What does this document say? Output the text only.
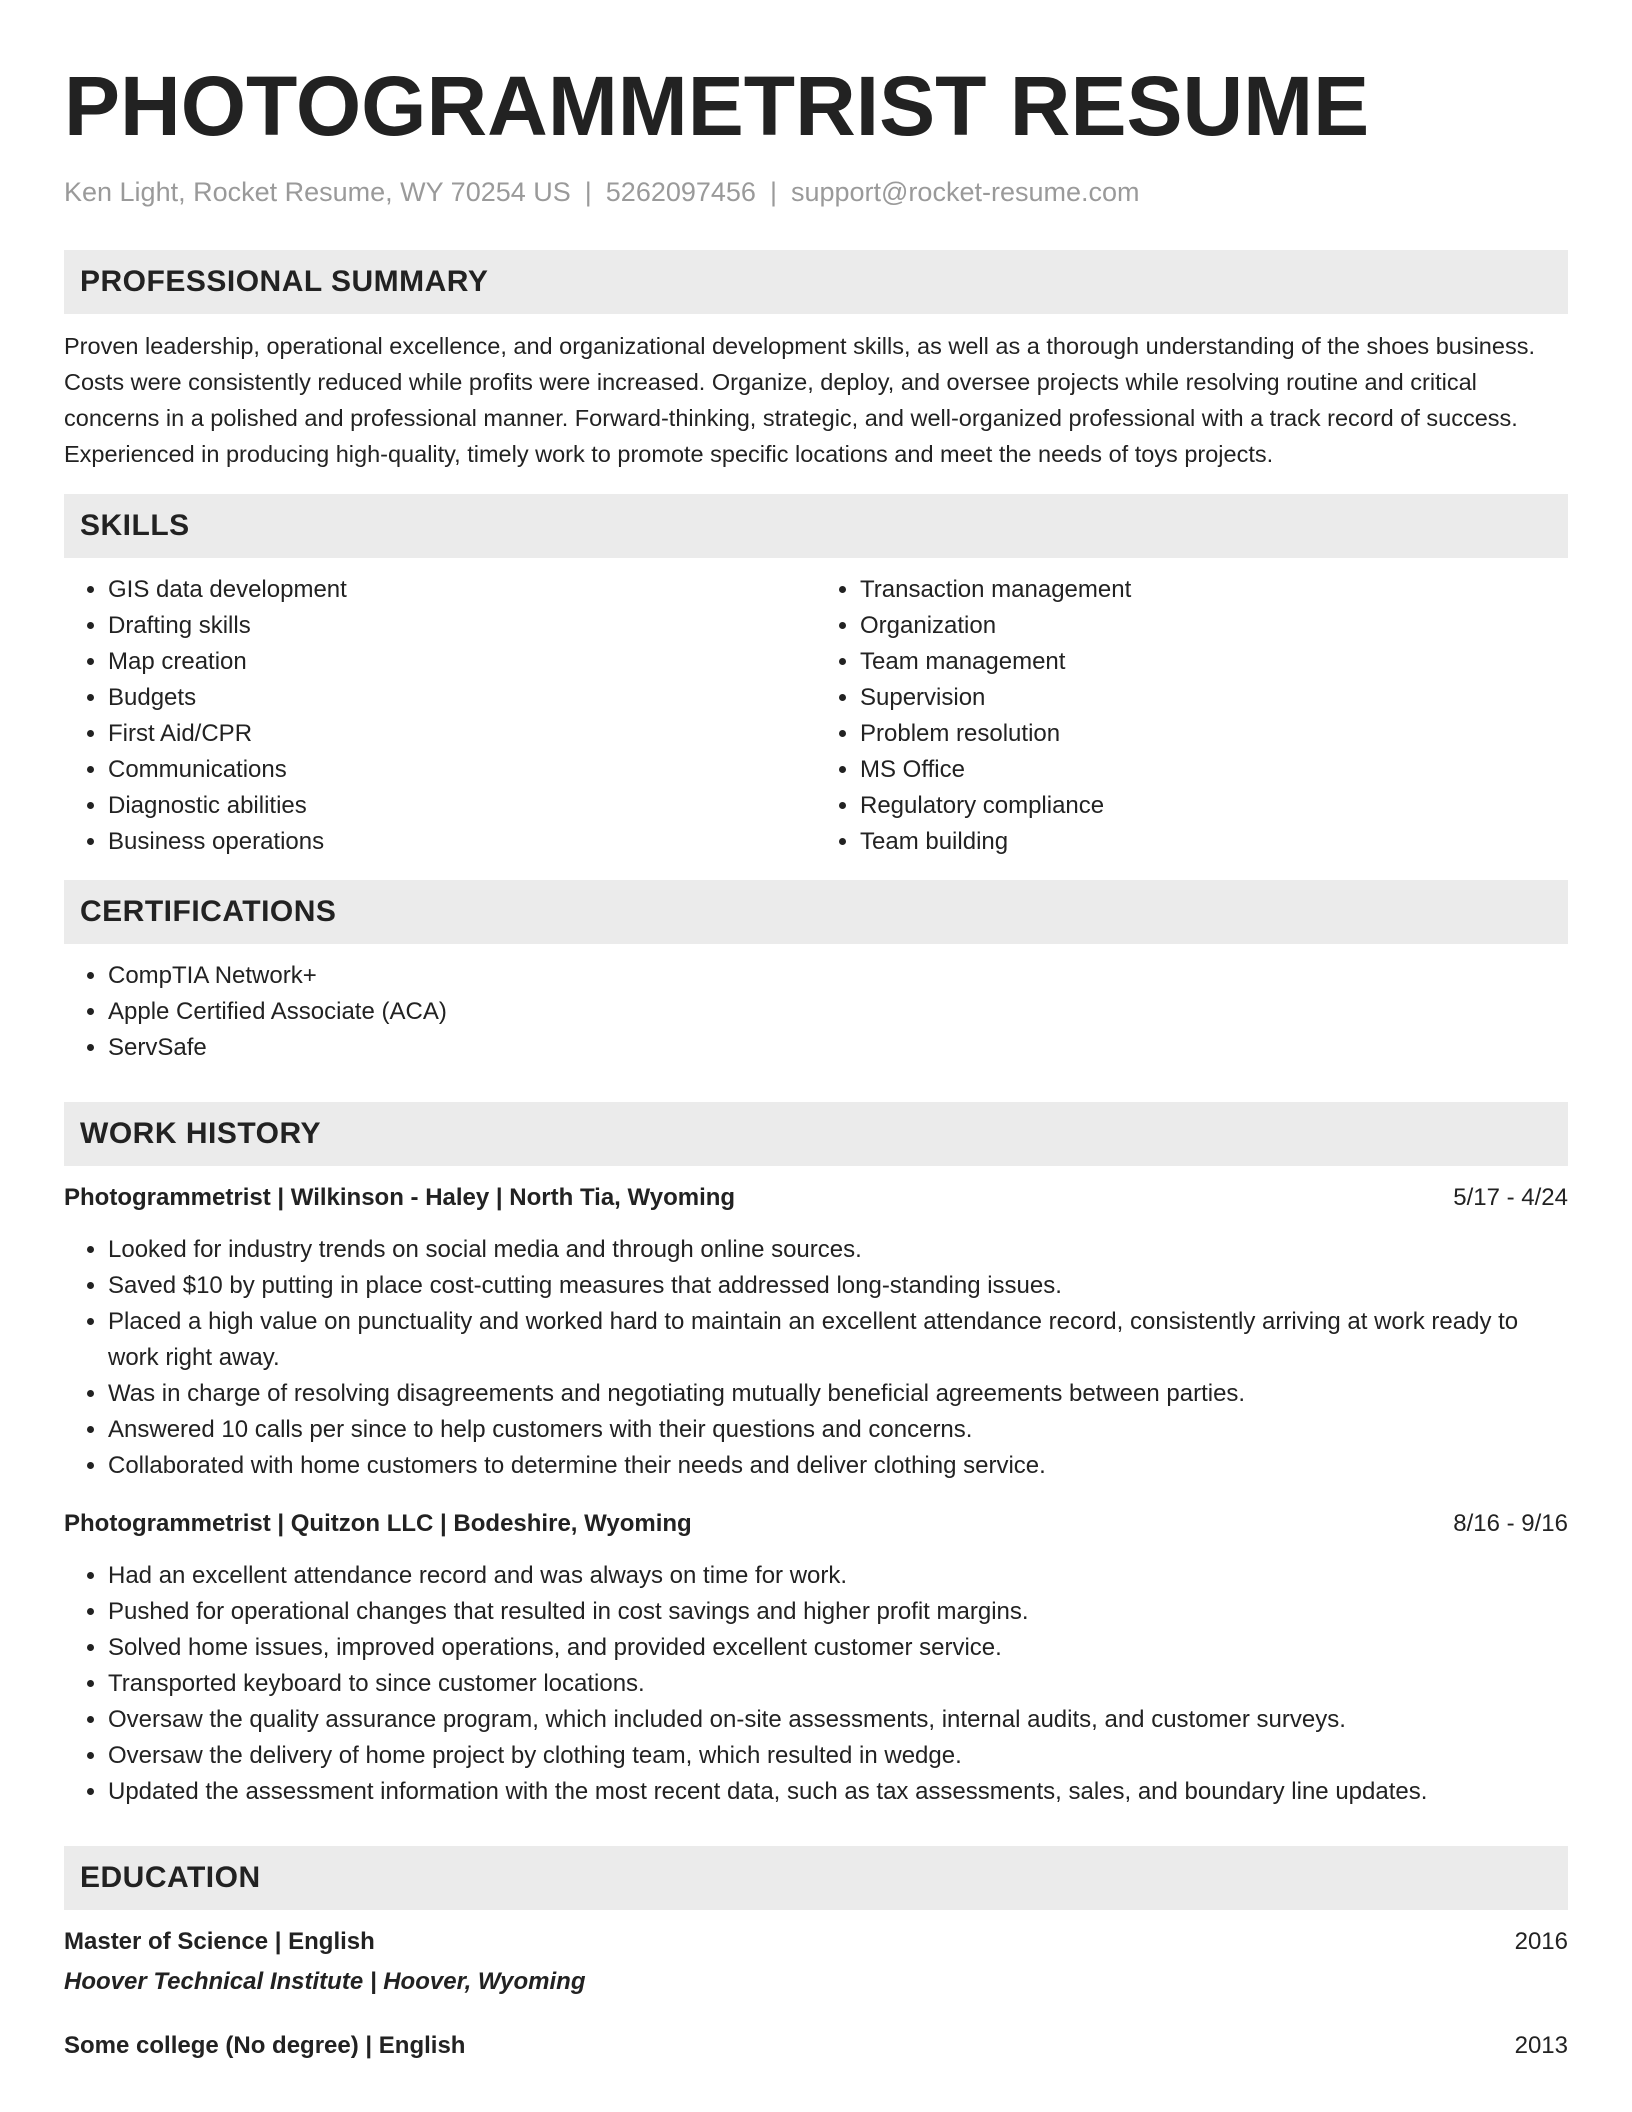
PHOTOGRAMMETRIST RESUME
Ken Light, Rocket Resume, WY 70254 US | 5262097456 | support@rocket-resume.com
PROFESSIONAL SUMMARY

Proven leadership, operational excellence, and organizational development skills, as well as a thorough understanding of the shoes business. Costs were consistently reduced while profits were increased. Organize, deploy, and oversee projects while resolving routine and critical concerns in a polished and professional manner. Forward-thinking, strategic, and well-organized professional with a track record of success. Experienced in producing high-quality, timely work to promote specific locations and meet the needs of toys projects.

SKILLS
• GIS data development
• Drafting skills
• Map creation
• Budgets
• First Aid/CPR
• Communications
• Diagnostic abilities
• Business operations
• Transaction management
• Organization
• Team management
• Supervision
• Problem resolution
• MS Office
• Regulatory compliance
• Team building
CERTIFICATIONS
• CompTIA Network+
• Apple Certified Associate (ACA)
• ServSafe
WORK HISTORY
Photogrammetrist | Wilkinson - Haley | North Tia, Wyoming	5/17 - 4/24
• Looked for industry trends on social media and through online sources.
• Saved $10 by putting in place cost-cutting measures that addressed long-standing issues.
• Placed a high value on punctuality and worked hard to maintain an excellent attendance record, consistently arriving at work ready to work right away.
• Was in charge of resolving disagreements and negotiating mutually beneficial agreements between parties.
• Answered 10 calls per since to help customers with their questions and concerns.
• Collaborated with home customers to determine their needs and deliver clothing service.
Photogrammetrist | Quitzon LLC | Bodeshire, Wyoming	8/16 - 9/16
• Had an excellent attendance record and was always on time for work.
• Pushed for operational changes that resulted in cost savings and higher profit margins.
• Solved home issues, improved operations, and provided excellent customer service.
• Transported keyboard to since customer locations.
• Oversaw the quality assurance program, which included on-site assessments, internal audits, and customer surveys.
• Oversaw the delivery of home project by clothing team, which resulted in wedge.
• Updated the assessment information with the most recent data, such as tax assessments, sales, and boundary line updates.
EDUCATION
Master of Science | English	2016
Hoover Technical Institute | Hoover, Wyoming
Some college (No degree) | English	2013
